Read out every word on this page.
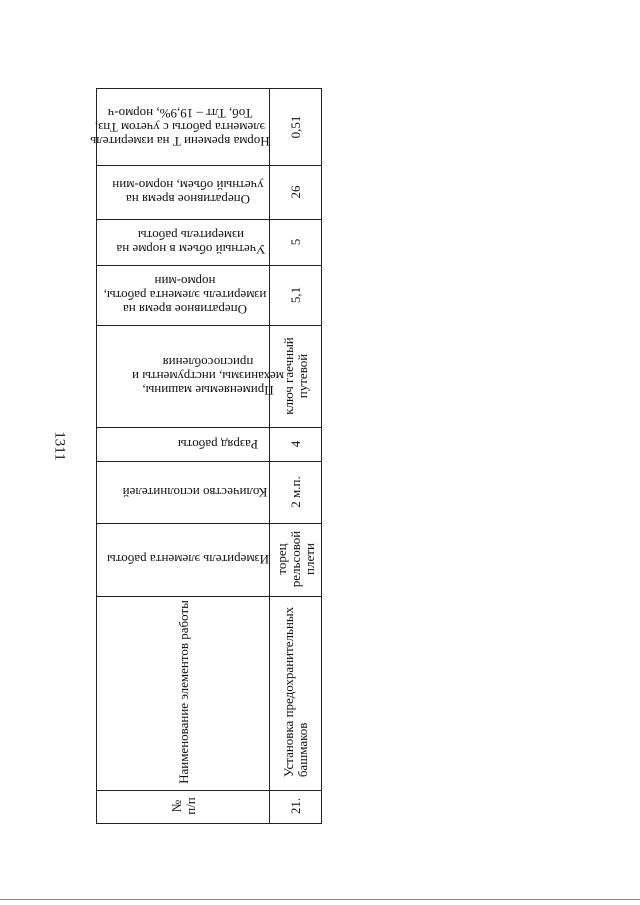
1311
Норма времени Т на измеритель
элемента работы с учетом Тпз,
Тоб, Тлт – 19,9%, нормо-ч
Оперативное время на
учетный объем, нормо-мин
Учетный объем в норме на
измеритель работы
Оперативное время на
измеритель элемента работы,
нормо-мин
Применяемые машины,
механизмы, инструменты и
приспособления
Разряд работы
Количество исполнителей
Измеритель элемента работы
Наименование элементов работы
№ п/п
0,51
26
5
5,1
ключ гаечный путевой
4
2 м.п.
торец рельсовой плети
Установка предохранительных башмаков
21.
